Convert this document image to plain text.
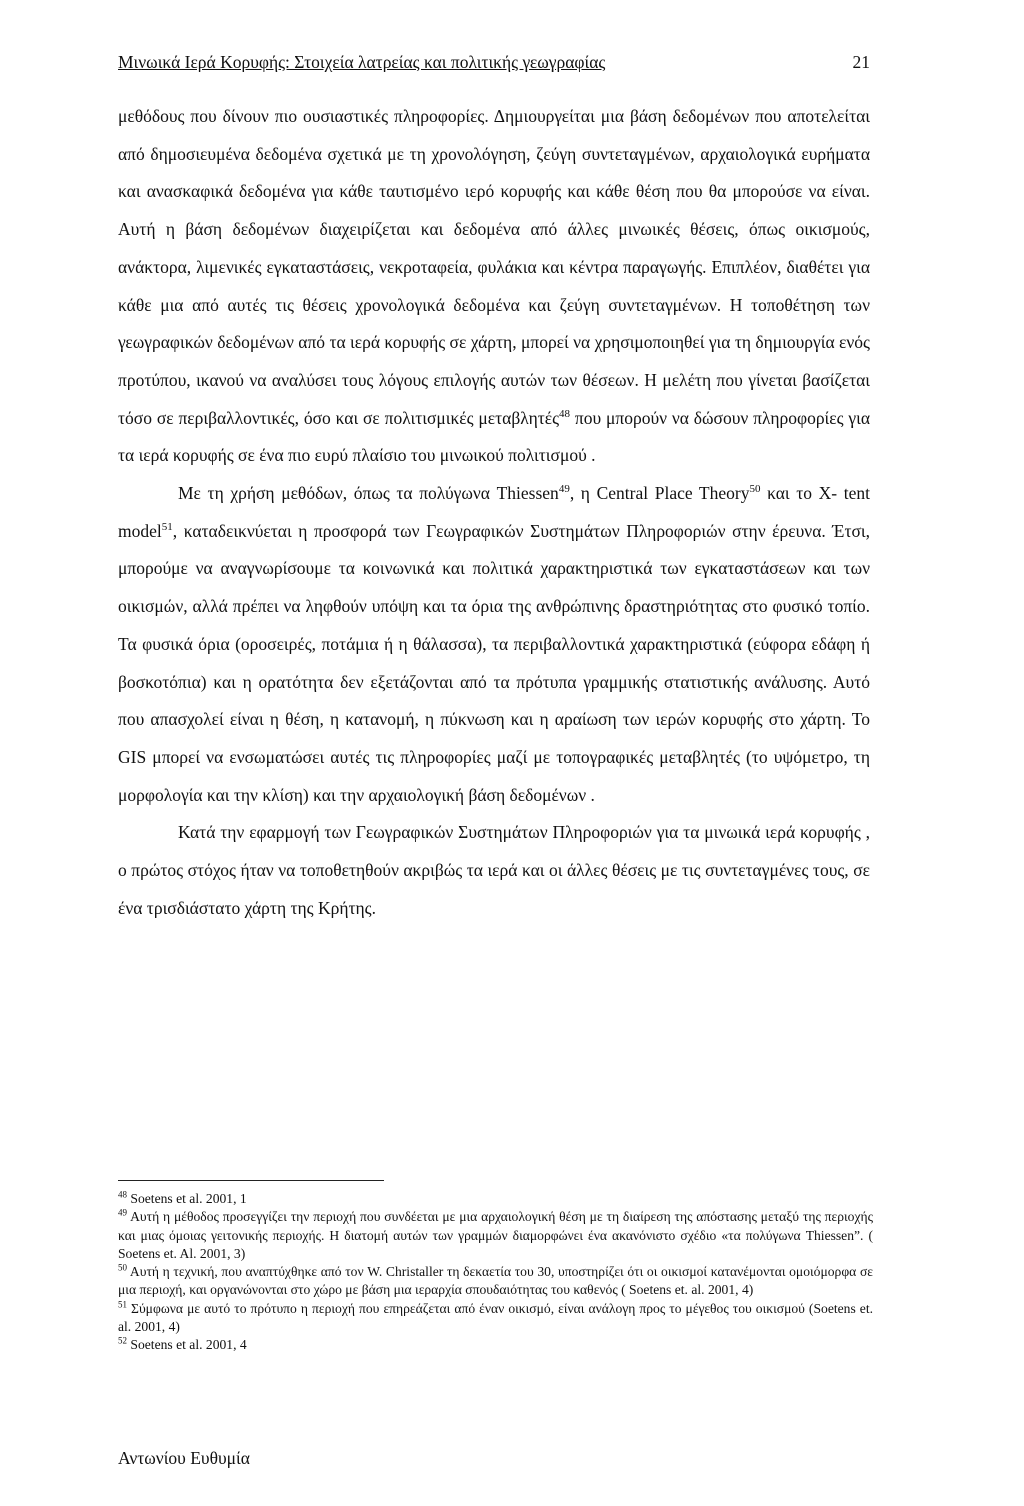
Μινωικά Ιερά Κορυφής: Στοιχεία λατρείας και πολιτικής γεωγραφίας	21

μεθόδους που δίνουν πιο ουσιαστικές πληροφορίες. Δημιουργείται μια βάση δεδομένων που αποτελείται από δημοσιευμένα δεδομένα σχετικά με τη χρονολόγηση, ζεύγη συντεταγμένων, αρχαιολογικά ευρήματα και ανασκαφικά δεδομένα για κάθε ταυτισμένο ιερό κορυφής και κάθε θέση που θα μπορούσε να είναι. Αυτή η βάση δεδομένων διαχειρίζεται και δεδομένα από άλλες μινωικές θέσεις, όπως οικισμούς, ανάκτορα, λιμενικές εγκαταστάσεις, νεκροταφεία, φυλάκια και κέντρα παραγωγής. Επιπλέον, διαθέτει για κάθε μια από αυτές τις θέσεις χρονολογικά δεδομένα και ζεύγη συντεταγμένων. Η τοποθέτηση των γεωγραφικών δεδομένων από τα ιερά κορυφής σε χάρτη, μπορεί να χρησιμοποιηθεί για τη δημιουργία ενός προτύπου, ικανού να αναλύσει τους λόγους επιλογής αυτών των θέσεων. Η μελέτη που γίνεται βασίζεται τόσο σε περιβαλλοντικές, όσο και σε πολιτισμικές μεταβλητές$^{48}$ που μπορούν να δώσουν πληροφορίες για τα ιερά κορυφής σε ένα πιο ευρύ πλαίσιο του μινωικού πολιτισμού .

Με τη χρήση μεθόδων, όπως τα πολύγωνα Thiessen$^{49}$, η Central Place Theory$^{50}$ και το X- tent model$^{51}$, καταδεικνύεται η προσφορά των Γεωγραφικών Συστημάτων Πληροφοριών στην έρευνα. Έτσι, μπορούμε να αναγνωρίσουμε τα κοινωνικά και πολιτικά χαρακτηριστικά των εγκαταστάσεων και των οικισμών, αλλά πρέπει να ληφθούν υπόψη και τα όρια της ανθρώπινης δραστηριότητας στο φυσικό τοπίο. Τα φυσικά όρια (οροσειρές, ποτάμια ή η θάλασσα), τα περιβαλλοντικά χαρακτηριστικά (εύφορα εδάφη ή βοσκοτόπια) και η ορατότητα δεν εξετάζονται από τα πρότυπα γραμμικής στατιστικής ανάλυσης. Αυτό που απασχολεί είναι η θέση, η κατανομή, η πύκνωση και η αραίωση των ιερών κορυφής στο χάρτη. Το GIS μπορεί να ενσωματώσει αυτές τις πληροφορίες μαζί με τοπογραφικές μεταβλητές (το υψόμετρο, τη μορφολογία και την κλίση) και την αρχαιολογική βάση δεδομένων .

Κατά την εφαρμογή των Γεωγραφικών Συστημάτων Πληροφοριών για τα μινωικά ιερά κορυφής , ο πρώτος στόχος ήταν να τοποθετηθούν ακριβώς τα ιερά και οι άλλες θέσεις με τις συντεταγμένες τους, σε ένα τρισδιάστατο χάρτη της Κρήτης.

$^{48}$ Soetens et al. 2001, 1

$^{49}$ Αυτή η μέθοδος προσεγγίζει την περιοχή που συνδέεται με μια αρχαιολογική θέση με τη διαίρεση της απόστασης μεταξύ της περιοχής και μιας όμοιας γειτονικής περιοχής. Η διατομή αυτών των γραμμών διαμορφώνει ένα ακανόνιστο σχέδιο «τα πολύγωνα Thiessen”. ( Soetens et. Al. 2001, 3)

$^{50}$ Αυτή η τεχνική, που αναπτύχθηκε από τον W. Christaller τη δεκαετία του 30, υποστηρίζει ότι οι οικισμοί κατανέμονται ομοιόμορφα σε μια περιοχή, και οργανώνονται στο χώρο με βάση μια ιεραρχία σπουδαιότητας του καθενός ( Soetens et. al. 2001, 4)

$^{51}$ Σύμφωνα με αυτό το πρότυπο η περιοχή που επηρεάζεται από έναν οικισμό, είναι ανάλογη προς το μέγεθος του οικισμού (Soetens et. al. 2001, 4)

$^{52}$ Soetens et al. 2001, 4

Αντωνίου Ευθυμία
